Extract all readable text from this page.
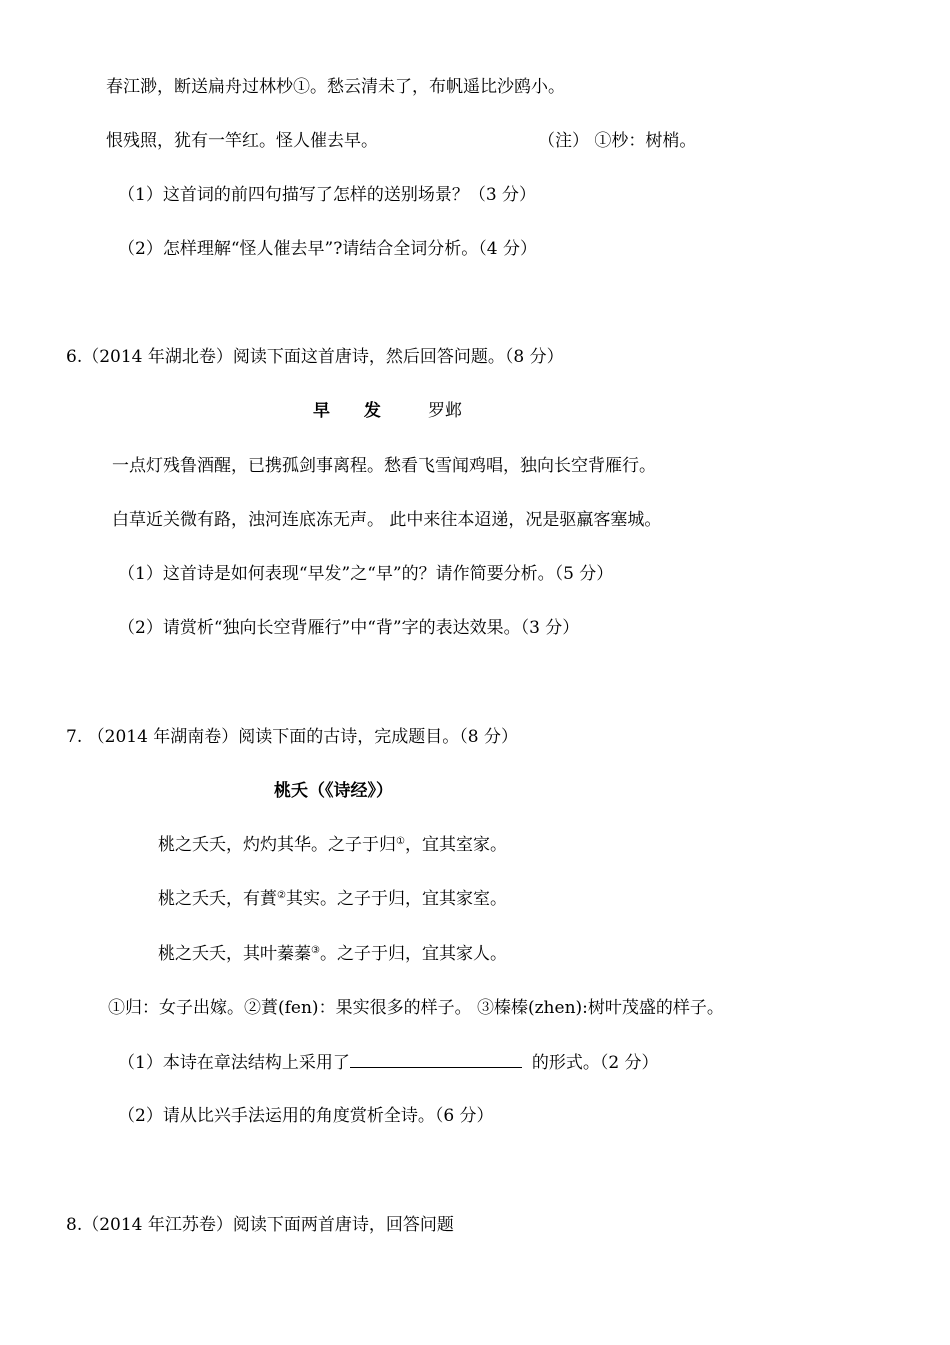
春江渺，断送扁舟过林杪①。愁云清未了，布帆遥比沙鸥小。
恨残照，犹有一竿红。怪人催去早。	（注） ①杪：树梢。
（1）这首词的前四句描写了怎样的送别场景？（3 分）
（2）怎样理解“怪人催去早”?请结合全词分析。（4 分）
6.（2014 年湖北卷）阅读下面这首唐诗，然后回答问题。（8 分）
早 发 罗邺
一点灯残鲁酒醒，已携孤剑事离程。愁看飞雪闻鸡唱，独向长空背雁行。
白草近关微有路，浊河连底冻无声。 此中来往本迢递，况是驱羸客塞城。
（1）这首诗是如何表现“早发”之“早”的？请作简要分析。（5 分）
（2）请赏析“独向长空背雁行”中“背”字的表达效果。（3 分）
7. （2014 年湖南卷）阅读下面的古诗，完成题目。（8 分）
桃夭（《诗经》）
桃之夭夭，灼灼其华。之子于归①，宜其室家。
桃之夭夭，有蕡②其实。之子于归，宜其家室。
桃之夭夭，其叶蓁蓁③。之子于归，宜其家人。
①归：女子出嫁。②蕡(fen)：果实很多的样子。 ③榛榛(zhen):树叶茂盛的样子。
（1）本诗在章法结构上采用了	的形式。（2 分）
（2）请从比兴手法运用的角度赏析全诗。（6 分）
8.（2014 年江苏卷）阅读下面两首唐诗，回答问题
